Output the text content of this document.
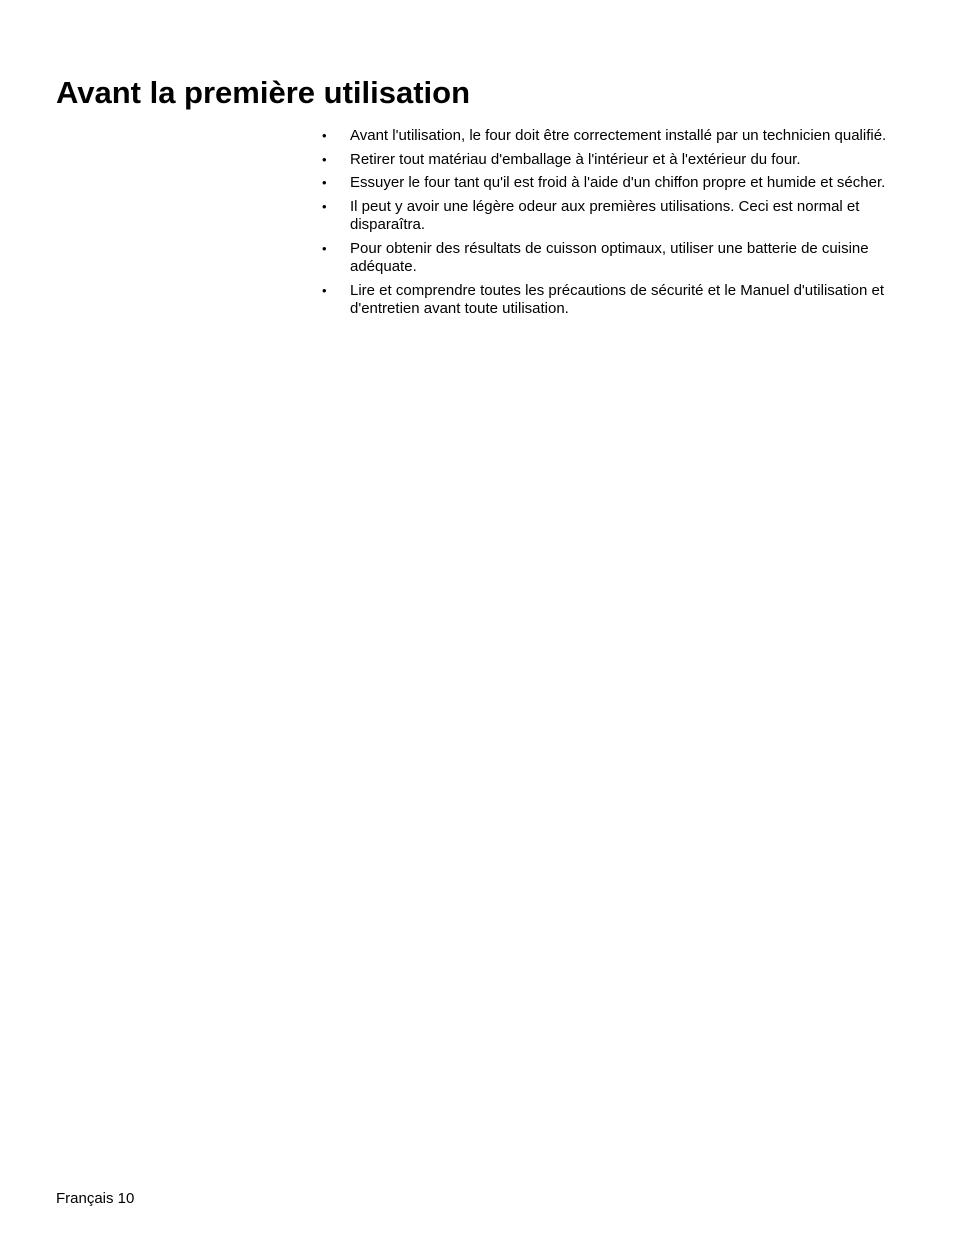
Avant la première utilisation
• Avant l'utilisation, le four doit être correctement installé par un technicien qualifié.
• Retirer tout matériau d'emballage à l'intérieur et à l'extérieur du four.
• Essuyer le four tant qu'il est froid à l'aide d'un chiffon propre et humide et sécher.
• Il peut y avoir une légère odeur aux premières utilisations. Ceci est normal et disparaîtra.
• Pour obtenir des résultats de cuisson optimaux, utiliser une batterie de cuisine adéquate.
• Lire et comprendre toutes les précautions de sécurité et le Manuel d'utilisation et d'entretien avant toute utilisation.
Français 10
